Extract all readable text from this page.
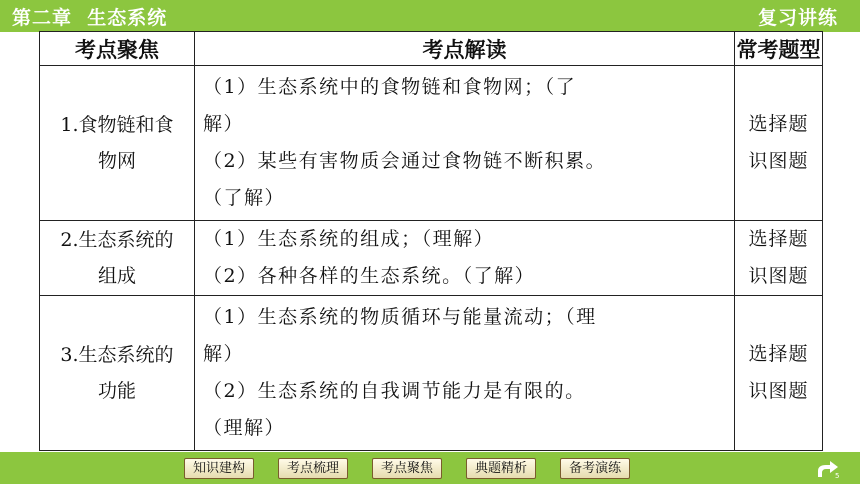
第二章  生态系统	复习讲练
考点聚焦	考点解读	常考题型

1.食物链和食
物网	（1）生态系统中的食物链和食物网；（了
解）
（2）某些有害物质会通过食物链不断积累。
（了解）	选择题
识图题

2.生态系统的
组成	（1）生态系统的组成；（理解）
（2）各种各样的生态系统。（了解）	选择题
识图题

3.生态系统的
功能	（1）生态系统的物质循环与能量流动；（理
解）
（2）生态系统的自我调节能力是有限的。
（理解）	选择题
识图题
知识建构	考点梳理	考点聚焦	典题精析	备考演练	5
